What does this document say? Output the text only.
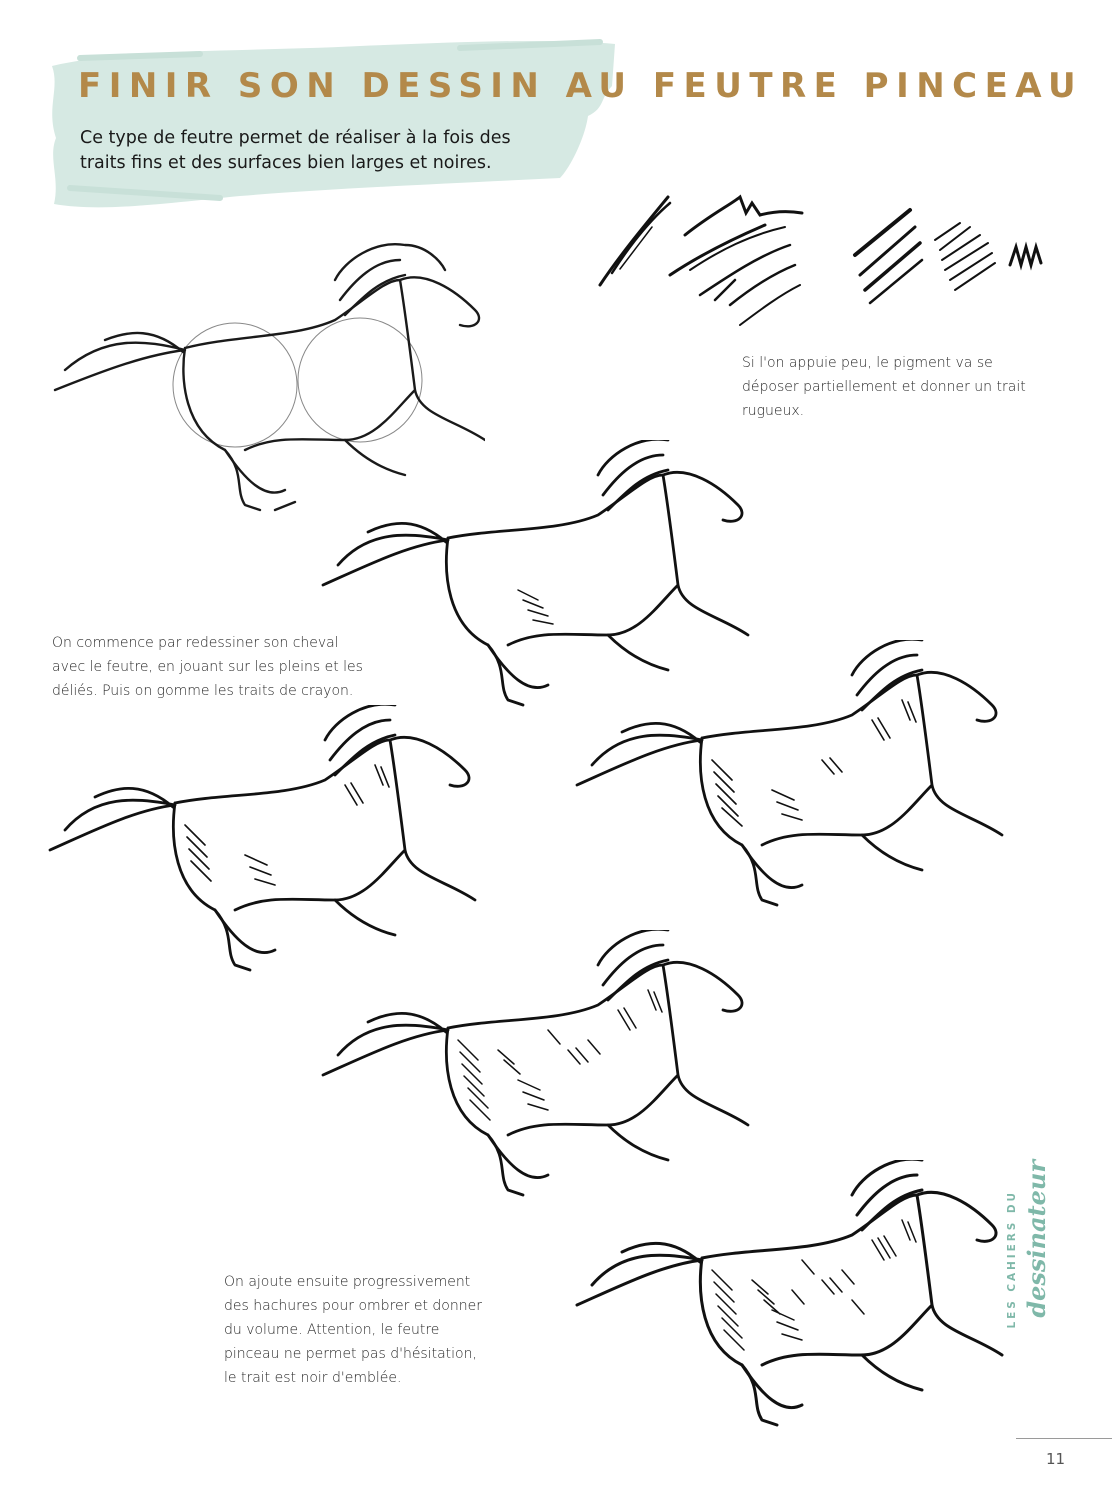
FINIR SON DESSIN AU FEUTRE PINCEAU

Ce type de feutre permet de réaliser à la fois des traits fins et des surfaces bien larges et noires.

Si l'on appuie peu, le pigment va se déposer partiellement et donner un trait rugueux.

On commence par redessiner son cheval avec le feutre, en jouant sur les pleins et les déliés. Puis on gomme les traits de crayon.

On ajoute ensuite progressivement des hachures pour ombrer et donner du volume. Attention, le feutre pinceau ne permet pas d'hésitation, le trait est noir d'emblée.

LES CAHIERS DU dessinateur
11
